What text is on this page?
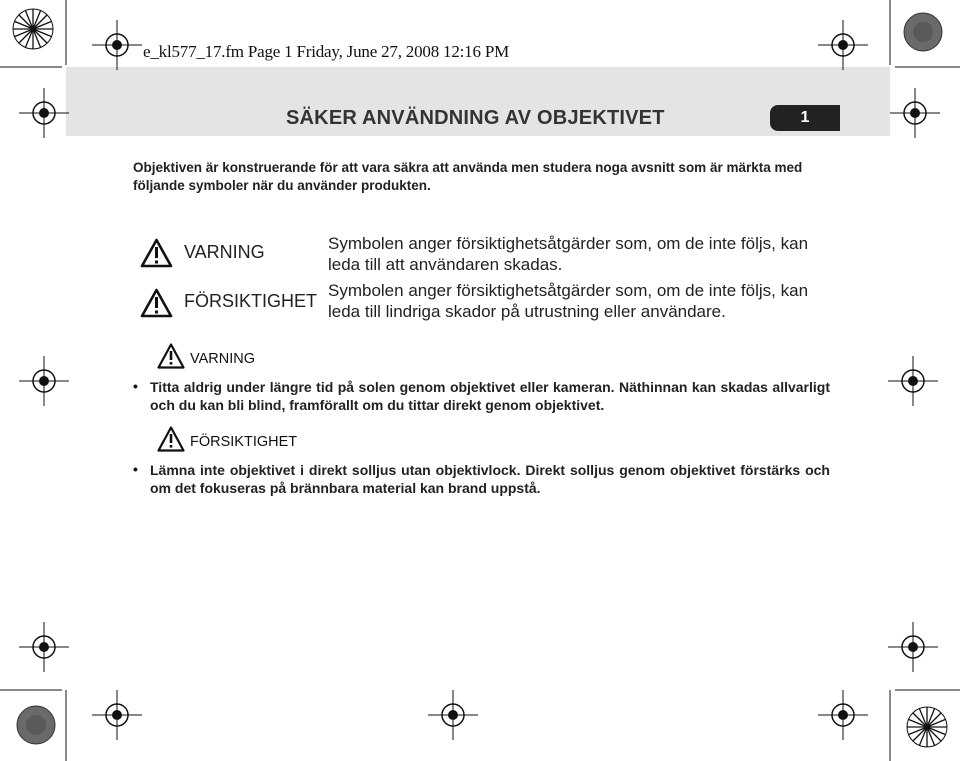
e_kl577_17.fm Page 1 Friday, June 27, 2008 12:16 PM
SÄKER ANVÄNDNING AV OBJEKTIVET	1
Objektiven är konstruerande för att vara säkra att använda men studera noga avsnitt som är märkta med följande symboler när du använder produkten.
VARNING	Symbolen anger försiktighetsåtgärder som, om de inte följs, kan leda till att användaren skadas.
FÖRSIKTIGHET
Symbolen anger försiktighetsåtgärder som, om de inte följs, kan leda till lindriga skador på utrustning eller användare.
VARNING
• Titta aldrig under längre tid på solen genom objektivet eller kameran. Näthinnan kan skadas allvarligt och du kan bli blind, framförallt om du tittar direkt genom objektivet.
FÖRSIKTIGHET
• Lämna inte objektivet i direkt solljus utan objektivlock. Direkt solljus genom objektivet förstärks och om det fokuseras på brännbara material kan brand uppstå.
